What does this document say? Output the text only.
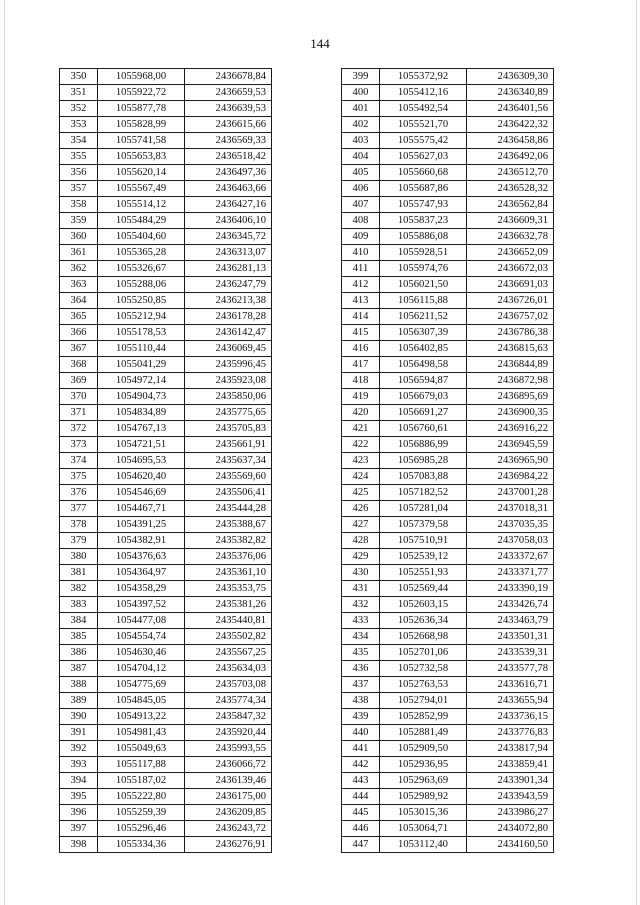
144
350	1055968,00	2436678,84
351	1055922,72	2436659,53
352	1055877,78	2436639,53
353	1055828,99	2436615,66
354	1055741,58	2436569,33
355	1055653,83	2436518,42
356	1055620,14	2436497,36
357	1055567,49	2436463,66
358	1055514,12	2436427,16
359	1055484,29	2436406,10
360	1055404,60	2436345,72
361	1055365,28	2436313,07
362	1055326,67	2436281,13
363	1055288,06	2436247,79
364	1055250,85	2436213,38
365	1055212,94	2436178,28
366	1055178,53	2436142,47
367	1055110,44	2436069,45
368	1055041,29	2435996,45
369	1054972,14	2435923,08
370	1054904,73	2435850,06
371	1054834,89	2435775,65
372	1054767,13	2435705,83
373	1054721,51	2435661,91
374	1054695,53	2435637,34
375	1054620,40	2435569,60
376	1054546,69	2435506,41
377	1054467,71	2435444,28
378	1054391,25	2435388,67
379	1054382,91	2435382,82
380	1054376,63	2435376,06
381	1054364,97	2435361,10
382	1054358,29	2435353,75
383	1054397,52	2435381,26
384	1054477,08	2435440,81
385	1054554,74	2435502,82
386	1054630,46	2435567,25
387	1054704,12	2435634,03
388	1054775,69	2435703,08
389	1054845,05	2435774,34
390	1054913,22	2435847,32
391	1054981,43	2435920,44
392	1055049,63	2435993,55
393	1055117,88	2436066,72
394	1055187,02	2436139,46
395	1055222,80	2436175,00
396	1055259,39	2436209,85
397	1055296,46	2436243,72
398	1055334,36	2436276,91
399	1055372,92	2436309,30
400	1055412,16	2436340,89
401	1055492,54	2436401,56
402	1055521,70	2436422,32
403	1055575,42	2436458,86
404	1055627,03	2436492,06
405	1055660,68	2436512,70
406	1055687,86	2436528,32
407	1055747,93	2436562,84
408	1055837,23	2436609,31
409	1055886,08	2436632,78
410	1055928,51	2436652,09
411	1055974,76	2436672,03
412	1056021,50	2436691,03
413	1056115,88	2436726,01
414	1056211,52	2436757,02
415	1056307,39	2436786,38
416	1056402,85	2436815,63
417	1056498,58	2436844,89
418	1056594,87	2436872,98
419	1056679,03	2436895,69
420	1056691,27	2436900,35
421	1056760,61	2436916,22
422	1056886,99	2436945,59
423	1056985,28	2436965,90
424	1057083,88	2436984,22
425	1057182,52	2437001,28
426	1057281,04	2437018,31
427	1057379,58	2437035,35
428	1057510,91	2437058,03
429	1052539,12	2433372,67
430	1052551,93	2433371,77
431	1052569,44	2433390,19
432	1052603,15	2433426,74
433	1052636,34	2433463,79
434	1052668,98	2433501,31
435	1052701,06	2433539,31
436	1052732,58	2433577,78
437	1052763,53	2433616,71
438	1052794,01	2433655,94
439	1052852,99	2433736,15
440	1052881,49	2433776,83
441	1052909,50	2433817,94
442	1052936,95	2433859,41
443	1052963,69	2433901,34
444	1052989,92	2433943,59
445	1053015,36	2433986,27
446	1053064,71	2434072,80
447	1053112,40	2434160,50
